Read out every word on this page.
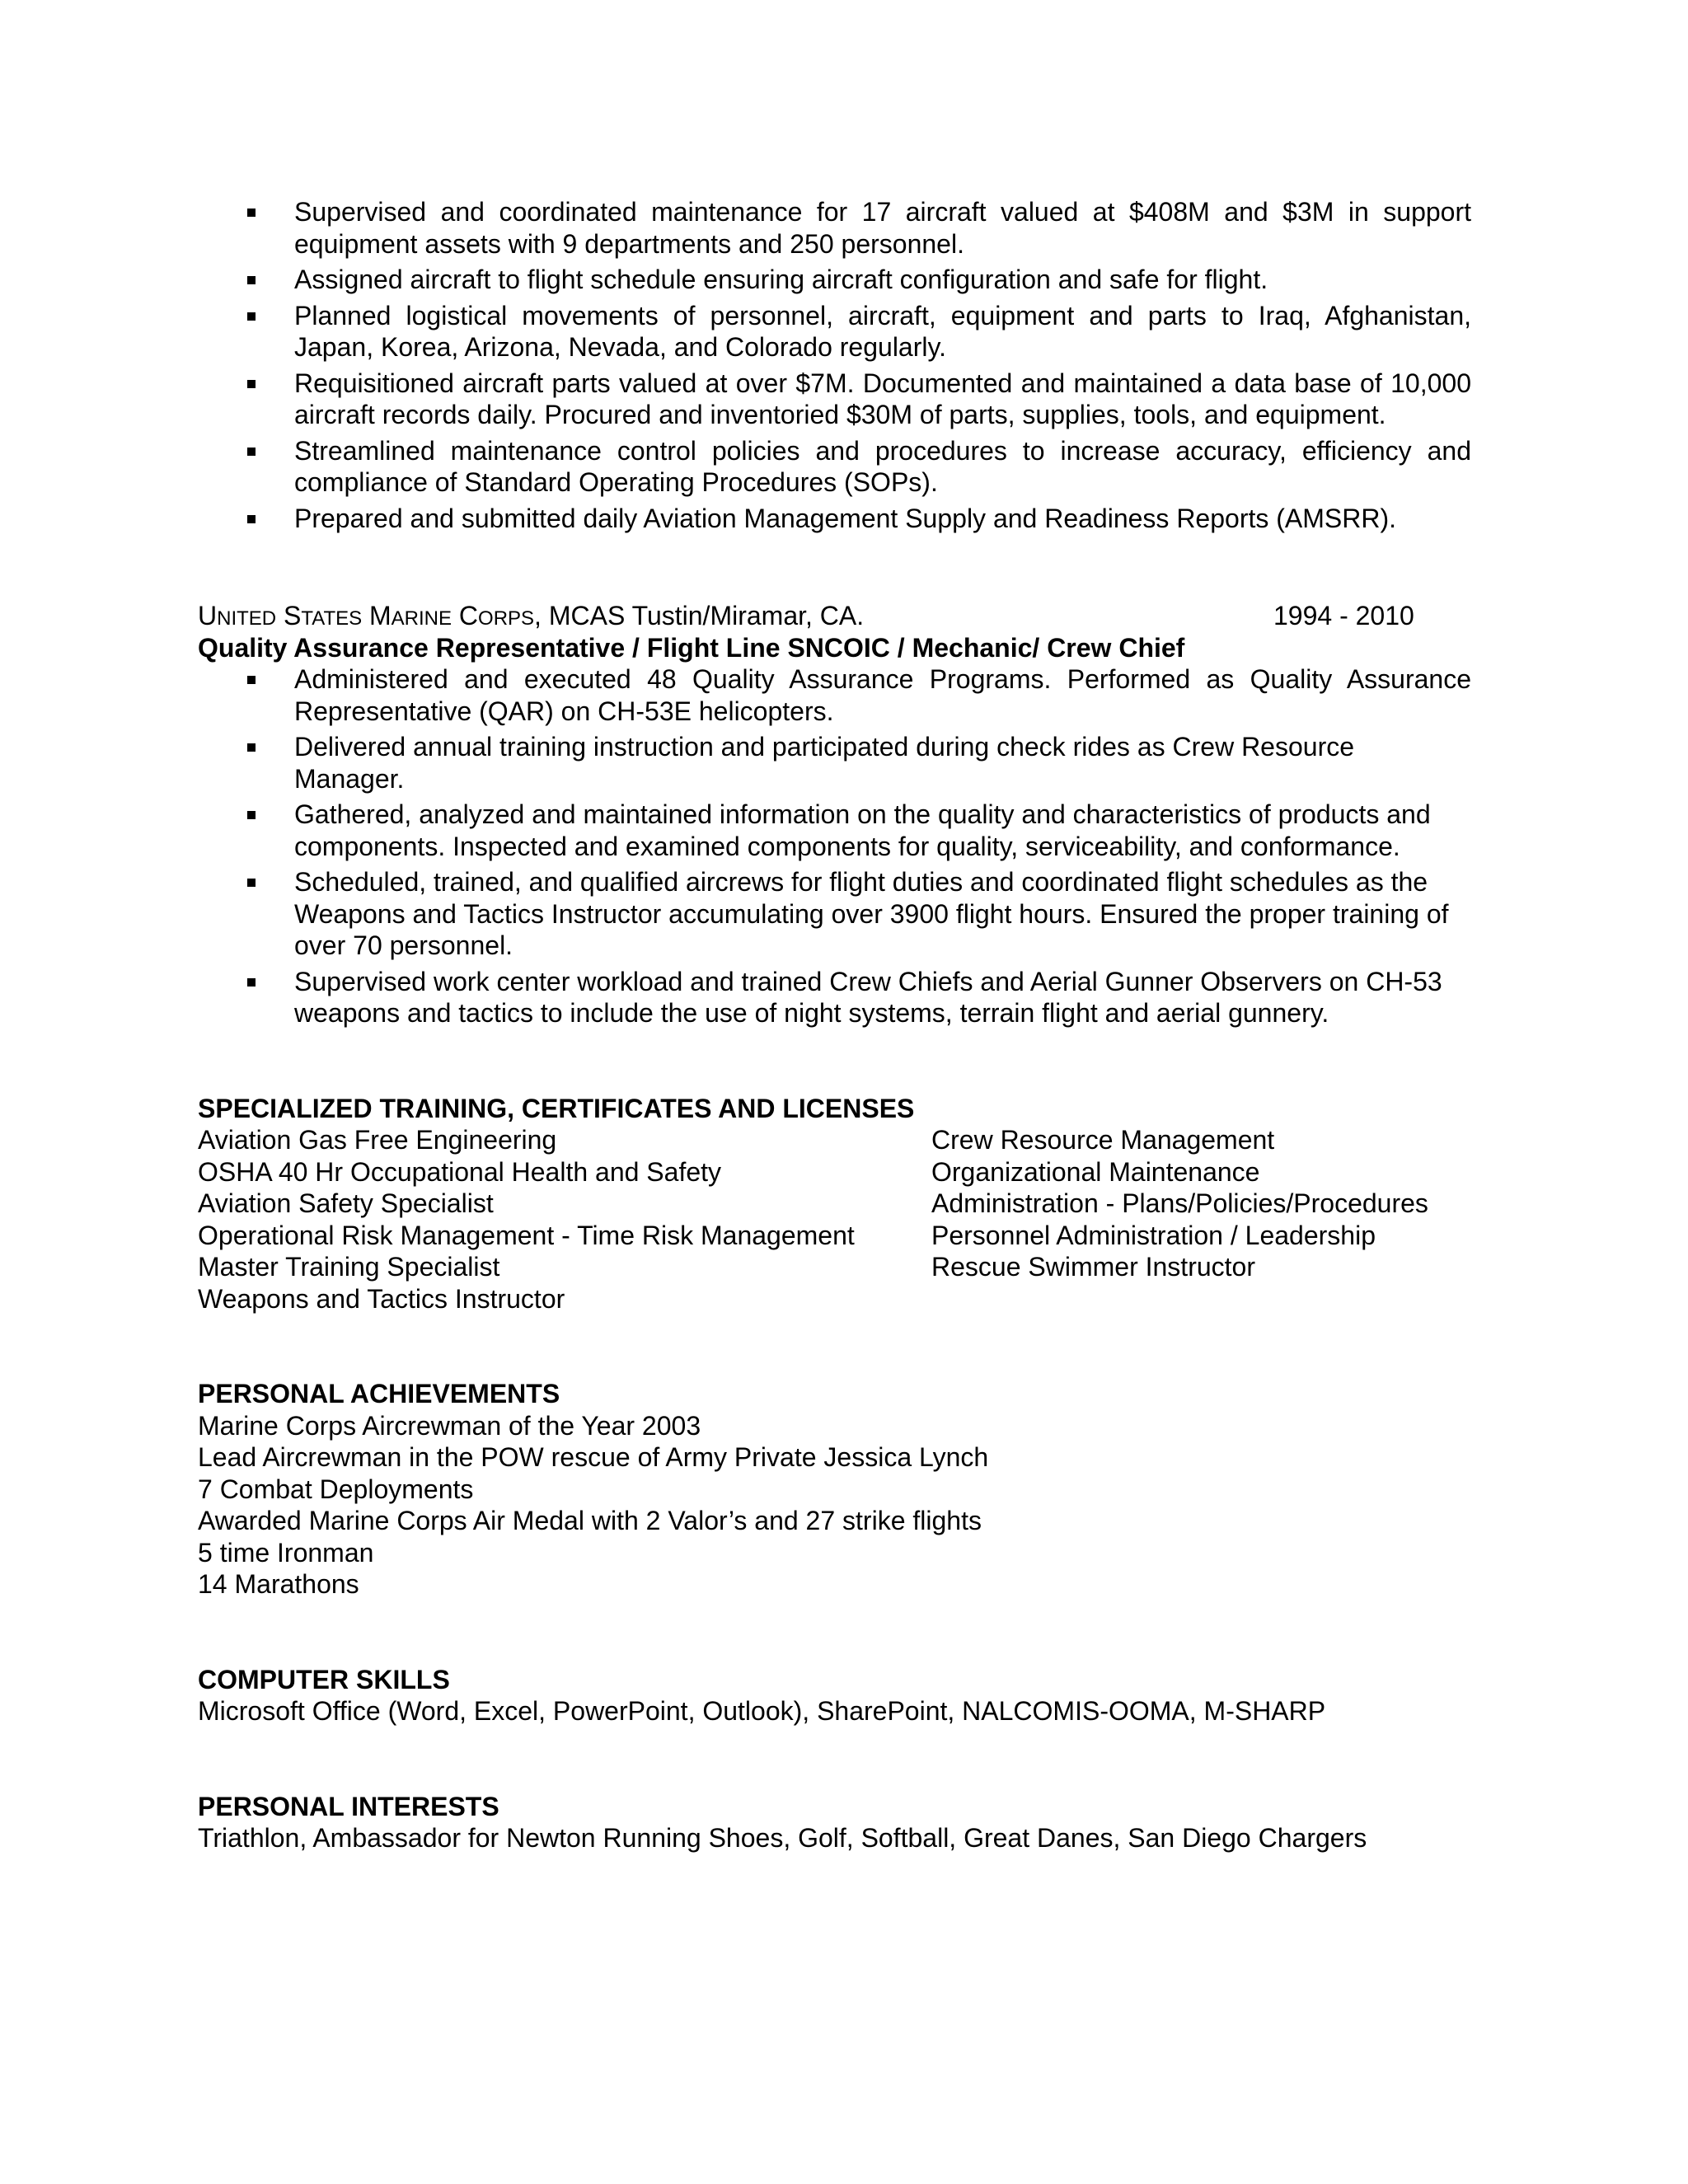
Supervised and coordinated maintenance for 17 aircraft valued at $408M and $3M in support equipment assets with 9 departments and 250 personnel.
Assigned aircraft to flight schedule ensuring aircraft configuration and safe for flight.
Planned logistical movements of personnel, aircraft, equipment and parts to Iraq, Afghanistan, Japan, Korea, Arizona, Nevada, and Colorado regularly.
Requisitioned aircraft parts valued at over $7M. Documented and maintained a data base of 10,000 aircraft records daily. Procured and inventoried $30M of parts, supplies, tools, and equipment.
Streamlined maintenance control policies and procedures to increase accuracy, efficiency and compliance of Standard Operating Procedures (SOPs).
Prepared and submitted daily Aviation Management Supply and Readiness Reports (AMSRR).
UNITED STATES MARINE CORPS, MCAS Tustin/Miramar, CA.	1994 - 2010
Quality Assurance Representative / Flight Line SNCOIC / Mechanic/ Crew Chief
Administered and executed 48 Quality Assurance Programs. Performed as Quality Assurance Representative (QAR) on CH-53E helicopters.
Delivered annual training instruction and participated during check rides as Crew Resource Manager.
Gathered, analyzed and maintained information on the quality and characteristics of products and components. Inspected and examined components for quality, serviceability, and conformance.
Scheduled, trained, and qualified aircrews for flight duties and coordinated flight schedules as the Weapons and Tactics Instructor accumulating over 3900 flight hours. Ensured the proper training of over 70 personnel.
Supervised work center workload and trained Crew Chiefs and Aerial Gunner Observers on CH-53 weapons and tactics to include the use of night systems, terrain flight and aerial gunnery.
SPECIALIZED TRAINING, CERTIFICATES AND LICENSES
Aviation Gas Free Engineering
OSHA 40 Hr Occupational Health and Safety
Aviation Safety Specialist
Operational Risk Management - Time Risk Management
Master Training Specialist
Weapons and Tactics Instructor
Crew Resource Management
Organizational Maintenance
Administration - Plans/Policies/Procedures
Personnel Administration / Leadership
Rescue Swimmer Instructor
PERSONAL ACHIEVEMENTS
Marine Corps Aircrewman of the Year 2003
Lead Aircrewman in the POW rescue of Army Private Jessica Lynch
7 Combat Deployments
Awarded Marine Corps Air Medal with 2 Valor’s and 27 strike flights
5 time Ironman
14 Marathons
COMPUTER SKILLS
Microsoft Office (Word, Excel, PowerPoint, Outlook), SharePoint, NALCOMIS-OOMA, M-SHARP
PERSONAL INTERESTS
Triathlon, Ambassador for Newton Running Shoes, Golf, Softball, Great Danes, San Diego Chargers
